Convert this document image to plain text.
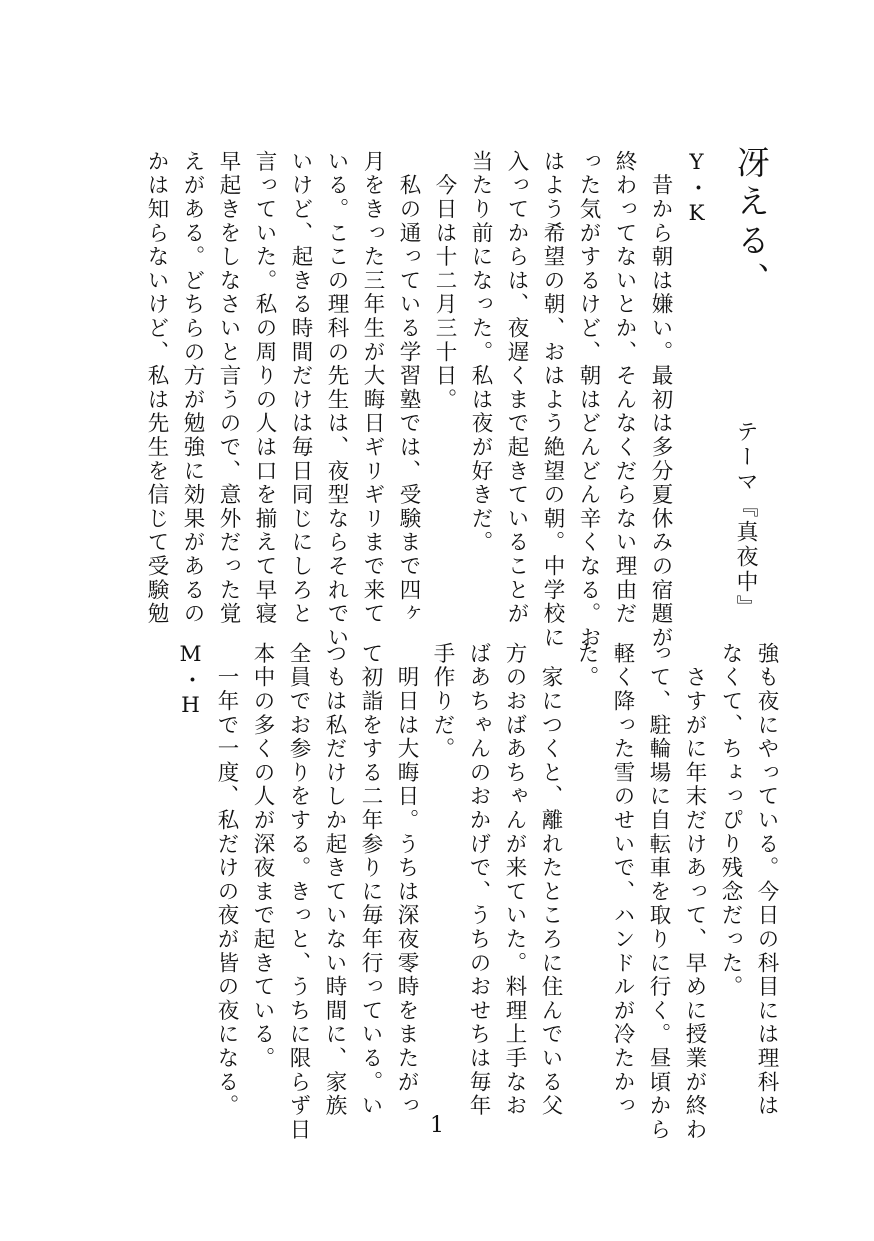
冴える、
テーマ『真夜中』
Y・K
　昔から朝は嫌い。最初は多分夏休みの宿題が
終わってないとか、そんなくだらない理由だ
った気がするけど、朝はどんどん辛くなる。お
はよう希望の朝、おはよう絶望の朝。中学校に
入ってからは、夜遅くまで起きていることが
当たり前になった。私は夜が好きだ。
　今日は十二月三十日。
　私の通っている学習塾では、受験まで四ヶ
月をきった三年生が大晦日ギリギリまで来て
いる。ここの理科の先生は、夜型ならそれでい
いけど、起きる時間だけは毎日同じにしろと
言っていた。私の周りの人は口を揃えて早寝
早起きをしなさいと言うので、意外だった覚
えがある。どちらの方が勉強に効果があるの
かは知らないけど、私は先生を信じて受験勉
強も夜にやっている。今日の科目には理科は
なくて、ちょっぴり残念だった。
　さすがに年末だけあって、早めに授業が終わ
って、駐輪場に自転車を取りに行く。昼頃から
軽く降った雪のせいで、ハンドルが冷たかっ
た。
　家につくと、離れたところに住んでいる父
方のおばあちゃんが来ていた。料理上手なお
ばあちゃんのおかげで、うちのおせちは毎年
手作りだ。
　明日は大晦日。うちは深夜零時をまたがっ
て初詣をする二年参りに毎年行っている。い
つもは私だけしか起きていない時間に、家族
全員でお参りをする。きっと、うちに限らず日
本中の多くの人が深夜まで起きている。
　一年で一度、私だけの夜が皆の夜になる。
M・H
1
